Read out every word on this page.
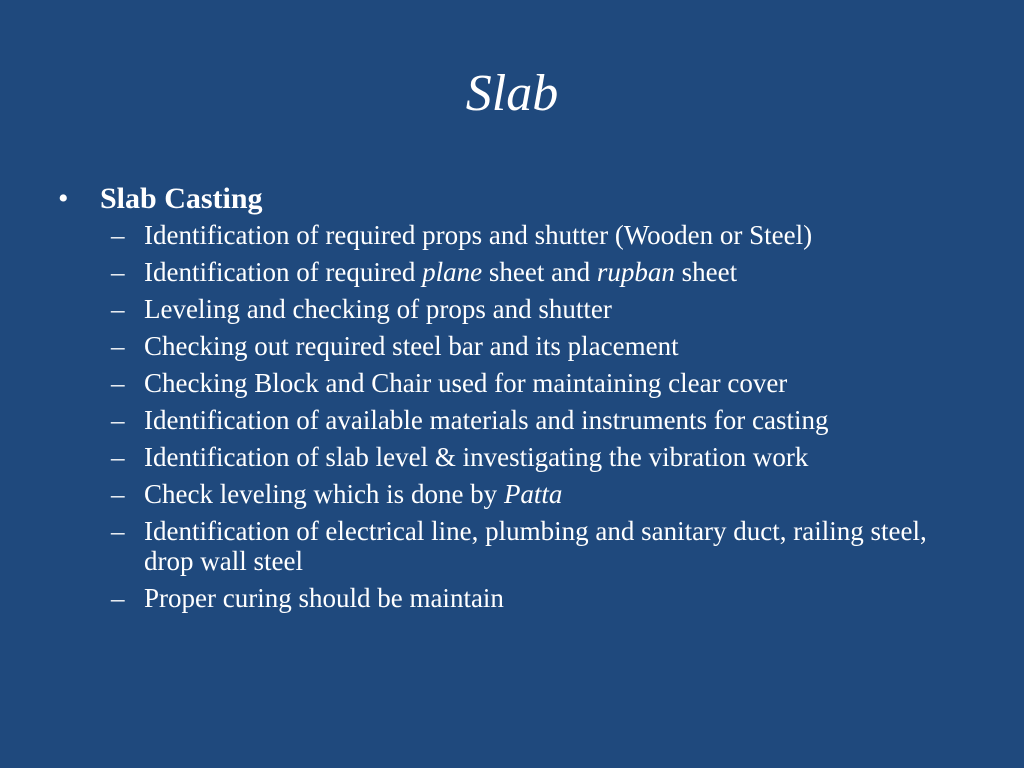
Slab
• Slab Casting
– Identification of required props and shutter (Wooden or Steel)
– Identification of required plane sheet and rupban sheet
– Leveling and checking of props and shutter
– Checking out required steel bar and its placement
– Checking Block and Chair used for maintaining clear cover
– Identification of available materials and instruments for casting
– Identification of slab level & investigating the vibration work
– Check leveling which is done by Patta
– Identification of electrical line, plumbing and sanitary duct, railing steel, drop wall steel
– Proper curing should be maintain
